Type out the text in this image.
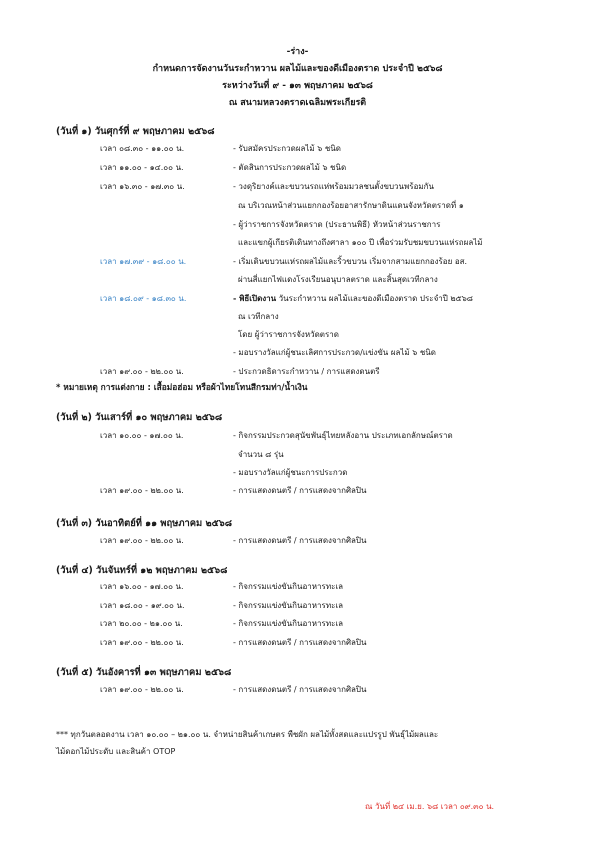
-ร่าง-
กำหนดการจัดงานวันระกำหวาน ผลไม้และของดีเมืองตราด ประจำปี ๒๕๖๘
ระหว่างวันที่ ๙ - ๑๓ พฤษภาคม ๒๕๖๘
ณ สนามหลวงตราดเฉลิมพระเกียรติ
(วันที่ ๑) วันศุกร์ที่ ๙ พฤษภาคม ๒๕๖๘
เวลา ๐๘.๓๐ - ๑๑.๐๐ น.	- รับสมัครประกวดผลไม้ ๖ ชนิด
เวลา ๑๑.๐๐ - ๑๔.๐๐ น.	- ตัดสินการประกวดผลไม้ ๖ ชนิด
เวลา ๑๖.๓๐ - ๑๗.๓๐ น.	- วงดุริยางค์และขบวนรถแห่พร้อมมวลชนตั้งขบวนพร้อมกัน
ณ บริเวณหน้าส่วนแยกกองร้อยอาสารักษาดินแดนจังหวัดตราดที่ ๑
- ผู้ว่าราชการจังหวัดตราด (ประธานพิธี) หัวหน้าส่วนราชการ
และแขกผู้เกียรติเดินทางถึงศาลา ๑๐๐ ปี เพื่อร่วมรับชมขบวนแห่รถผลไม้
เวลา ๑๗.๓๙ - ๑๘.๐๐ น.	- เริ่มเดินขบวนแห่รถผลไม้และริ้วขบวน เริ่มจากสามแยกกองร้อย อส.
ผ่านสี่แยกไฟแดงโรงเรียนอนุบาลตราด และสิ้นสุดเวทีกลาง
เวลา ๑๘.๐๙ - ๑๘.๓๐ น.	- พิธีเปิดงาน วันระกำหวาน ผลไม้และของดีเมืองตราด ประจำปี ๒๕๖๘
ณ เวทีกลาง
โดย ผู้ว่าราชการจังหวัดตราด
- มอบรางวัลแก่ผู้ชนะเลิศการประกวด/แข่งขัน ผลไม้ ๖ ชนิด
เวลา ๑๙.๐๐ - ๒๒.๐๐ น.	- ประกวดธิดาระกำหวาน / การแสดงดนตรี
* หมายเหตุ การแต่งกาย : เสื้อม่อฮ่อม หรือผ้าไทยโทนสีกรมท่า/น้ำเงิน
(วันที่ ๒) วันเสาร์ที่ ๑๐ พฤษภาคม ๒๕๖๘
เวลา ๑๐.๐๐ - ๑๗.๐๐ น.	- กิจกรรมประกวดสุนัขพันธุ์ไทยหลังอาน ประเภทเอกลักษณ์ตราด
จำนวน ๘ รุ่น
- มอบรางวัลแก่ผู้ชนะการประกวด
เวลา ๑๙.๐๐ - ๒๒.๐๐ น.	- การแสดงดนตรี / การแสดงจากศิลปิน
(วันที่ ๓) วันอาทิตย์ที่ ๑๑ พฤษภาคม ๒๕๖๘
เวลา ๑๙.๐๐ - ๒๒.๐๐ น.	- การแสดงดนตรี / การแสดงจากศิลปิน
(วันที่ ๔) วันจันทร์ที่ ๑๒ พฤษภาคม ๒๕๖๘
เวลา ๑๖.๐๐ - ๑๗.๐๐ น.	- กิจกรรมแข่งขันกินอาหารทะเล
เวลา ๑๘.๐๐ - ๑๙.๐๐ น.	- กิจกรรมแข่งขันกินอาหารทะเล
เวลา ๒๐.๐๐ - ๒๑.๐๐ น.	- กิจกรรมแข่งขันกินอาหารทะเล
เวลา ๑๙.๐๐ - ๒๒.๐๐ น.	- การแสดงดนตรี / การแสดงจากศิลปิน
(วันที่ ๕) วันอังคารที่ ๑๓ พฤษภาคม ๒๕๖๘
เวลา ๑๙.๐๐ - ๒๒.๐๐ น.	- การแสดงดนตรี / การแสดงจากศิลปิน
*** ทุกวันตลอดงาน เวลา ๑๐.๐๐ – ๒๑.๐๐ น. จำหน่ายสินค้าเกษตร พืชผัก ผลไม้ทั้งสดและแปรรูป พันธุ์ไม้ผลและ
ไม้ดอกไม้ประดับ และสินค้า OTOP
ณ วันที่ ๒๔ เม.ย. ๖๘ เวลา ๐๙.๓๐ น.
